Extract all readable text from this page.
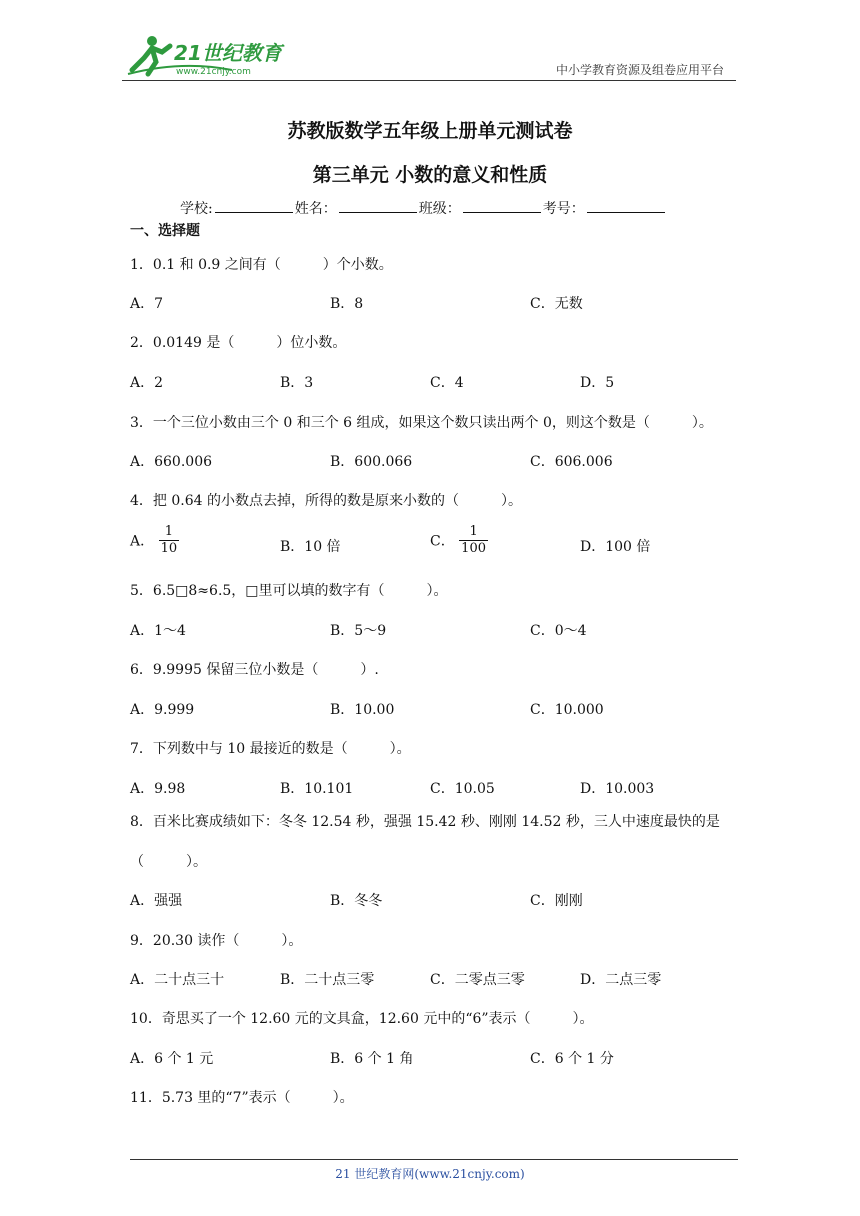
21世纪教育
www.21cnjy.com	中小学教育资源及组卷应用平台
苏教版数学五年级上册单元测试卷
第三单元 小数的意义和性质
学校:	姓名：	班级：	考号：
一、选择题
1．0.1 和 0.9 之间有（　　　）个小数。
A．7	B．8	C．无数
2．0.0149 是（　　　）位小数。
A．2	B．3	C．4	D．5
3．一个三位小数由三个 0 和三个 6 组成，如果这个数只读出两个 0，则这个数是（　　　）。
A．660.006	B．600.066	C．606.006
4．把 0.64 的小数点去掉，所得的数是原来小数的（　　　）。
A． $\frac{1}{10}$	B．10 倍	C． $\frac{1}{100}$	D．100 倍
5．6.5□8≈6.5，□里可以填的数字有（　　　）。
A．1～4	B．5～9	C．0～4
6．9.9995 保留三位小数是（　　　）.
A．9.999	B．10.00	C．10.000
7．下列数中与 10 最接近的数是（　　　）。
A．9.98	B．10.101	C．10.05	D．10.003
8．百米比赛成绩如下：冬冬 12.54 秒，强强 15.42 秒、刚刚 14.52 秒，三人中速度最快的是
（　　　）。
A．强强	B．冬冬	C．刚刚
9．20.30 读作（　　　）。
A．二十点三十	B．二十点三零	C．二零点三零	D．二点三零
10．奇思买了一个 12.60 元的文具盒，12.60 元中的“6”表示（　　　）。
A．6 个 1 元	B．6 个 1 角	C．6 个 1 分
11．5.73 里的“7”表示（　　　）。
21 世纪教育网(www.21cnjy.com)
